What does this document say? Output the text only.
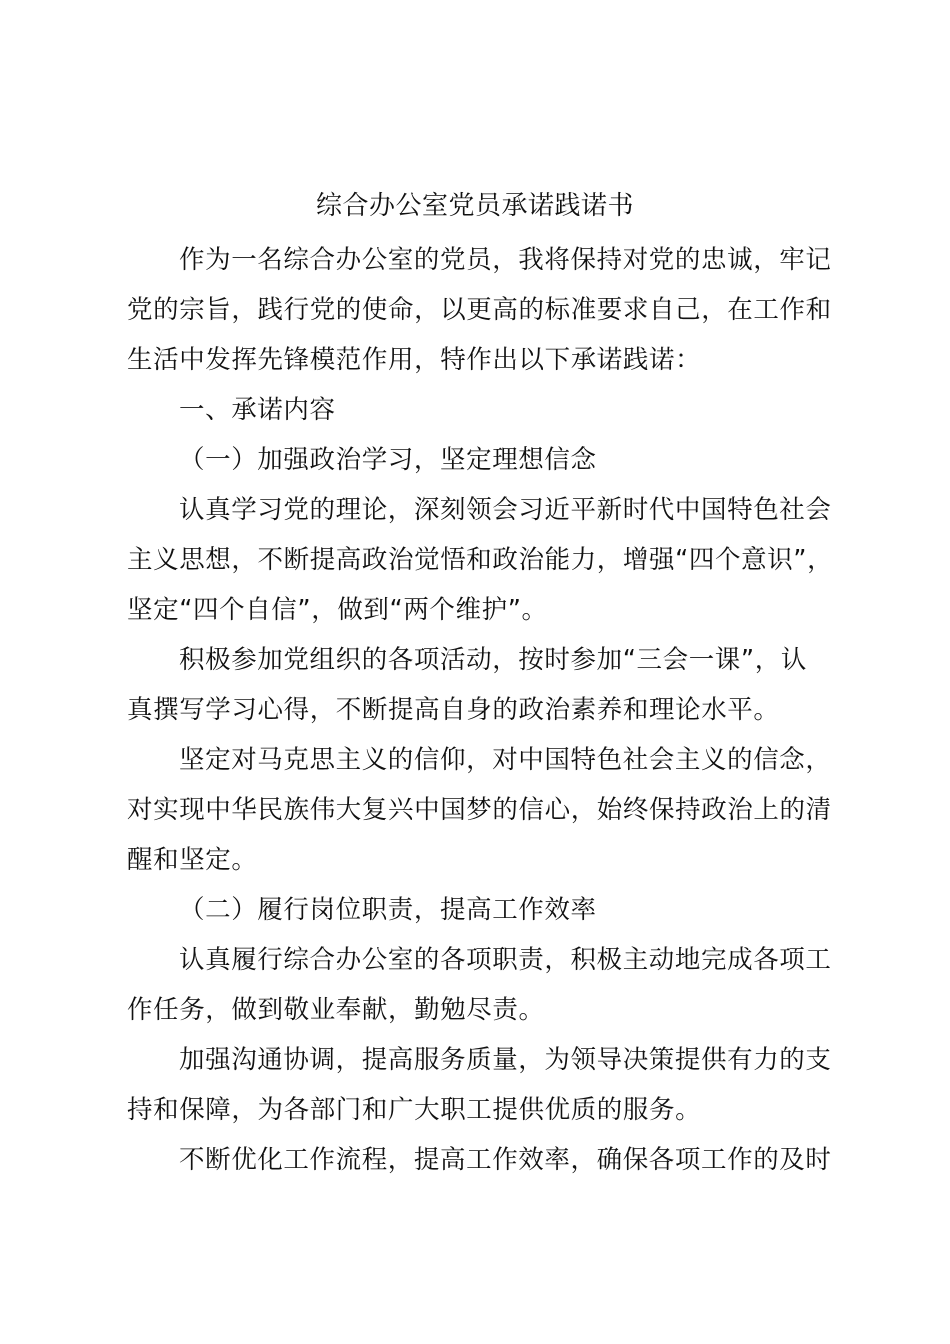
综合办公室党员承诺践诺书

作为一名综合办公室的党员，我将保持对党的忠诚，牢记
党的宗旨，践行党的使命，以更高的标准要求自己，在工作和
生活中发挥先锋模范作用，特作出以下承诺践诺：

一、承诺内容

（一）加强政治学习，坚定理想信念

认真学习党的理论，深刻领会习近平新时代中国特色社会
主义思想，不断提高政治觉悟和政治能力，增强“四个意识”，
坚定“四个自信”，做到“两个维护”。

积极参加党组织的各项活动，按时参加“三会一课”，认
真撰写学习心得，不断提高自身的政治素养和理论水平。

坚定对马克思主义的信仰，对中国特色社会主义的信念，
对实现中华民族伟大复兴中国梦的信心，始终保持政治上的清
醒和坚定。

（二）履行岗位职责，提高工作效率

认真履行综合办公室的各项职责，积极主动地完成各项工
作任务，做到敬业奉献，勤勉尽责。

加强沟通协调，提高服务质量，为领导决策提供有力的支
持和保障，为各部门和广大职工提供优质的服务。

不断优化工作流程，提高工作效率，确保各项工作的及时
